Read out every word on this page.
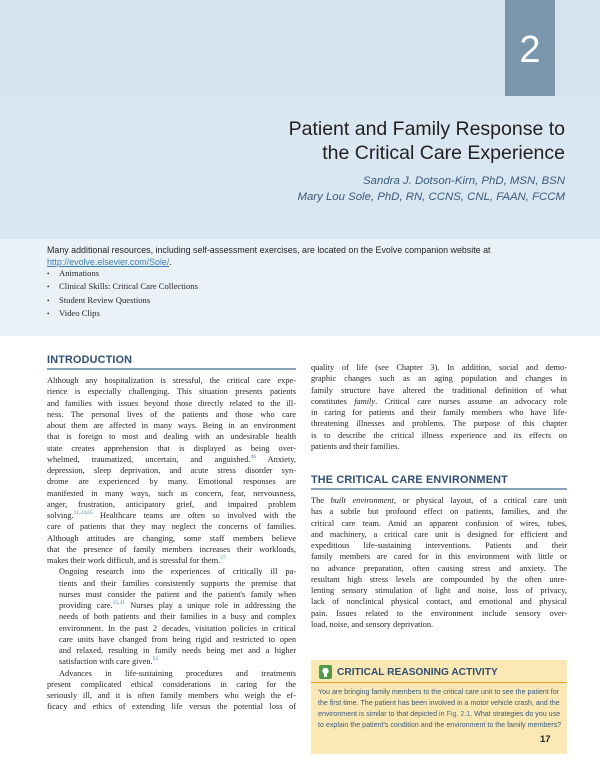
2
Patient and Family Response to
the Critical Care Experience
Sandra J. Dotson-Kirn, PhD, MSN, BSN
Mary Lou Sole, PhD, RN, CCNS, CNL, FAAN, FCCM
Many additional resources, including self-assessment exercises, are located on the Evolve companion website at
http://evolve.elsevier.com/Sole/.
• Animations
• Clinical Skills: Critical Care Collections
• Student Review Questions
• Video Clips
INTRODUCTION

Although any hospitalization is stressful, the critical care expe-
rience is especially challenging. This situation presents patients
and families with issues beyond those directly related to the ill-
ness. The personal lives of the patients and those who care
about them are affected in many ways. Being in an environment
that is foreign to most and dealing with an undesirable health
state creates apprehension that is displayed as being over-
whelmed, traumatized, uncertain, and anguished.$^{46}$ Anxiety,
depression, sleep deprivation, and acute stress disorder syn-
drome are experienced by many. Emotional responses are
manifested in many ways, such as concern, fear, nervousness,
anger, frustration, anticipatory grief, and impaired problem
solving.$^{11,24,65}$ Healthcare teams are often so involved with the
care of patients that they may neglect the concerns of families.
Although attitudes are changing, some staff members believe
that the presence of family members increases their workloads,
makes their work difficult, and is stressful for them.$^{57}$

Ongoing research into the experiences of critically ill pa-
tients and their families consistently supports the premise that
nurses must consider the patient and the patient's family when
providing care.$^{15,31}$ Nurses play a unique role in addressing the
needs of both patients and their families in a busy and complex
environment. In the past 2 decades, visitation policies in critical
care units have changed from being rigid and restricted to open
and relaxed, resulting in family needs being met and a higher
satisfaction with care given.$^{52}$

Advances in life-sustaining procedures and treatments
present complicated ethical considerations in caring for the
seriously ill, and it is often family members who weigh the ef-
ficacy and ethics of extending life versus the potential loss of

quality of life (see Chapter 3). In addition, social and demo-
graphic changes such as an aging population and changes in
family structure have altered the traditional definition of what
constitutes family. Critical care nurses assume an advocacy role
in caring for patients and their family members who have life-
threatening illnesses and problems. The purpose of this chapter
is to describe the critical illness experience and its effects on
patients and their families.

THE CRITICAL CARE ENVIRONMENT

The built environment, or physical layout, of a critical care unit
has a subtle but profound effect on patients, families, and the
critical care team. Amid an apparent confusion of wires, tubes,
and machinery, a critical care unit is designed for efficient and
expeditious life-sustaining interventions. Patients and their
family members are cared for in this environment with little or
no advance preparation, often causing stress and anxiety. The
resultant high stress levels are compounded by the often unre-
lenting sensory stimulation of light and noise, loss of privacy,
lack of nonclinical physical contact, and emotional and physical
pain. Issues related to the environment include sensory over-
load, noise, and sensory deprivation.

CRITICAL REASONING ACTIVITY
You are bringing family members to the critical care unit to see the patient for
the first time. The patient has been involved in a motor vehicle crash, and the
environment is similar to that depicted in Fig. 2.1. What strategies do you use
to explain the patient's condition and the environment to the family members?
17
